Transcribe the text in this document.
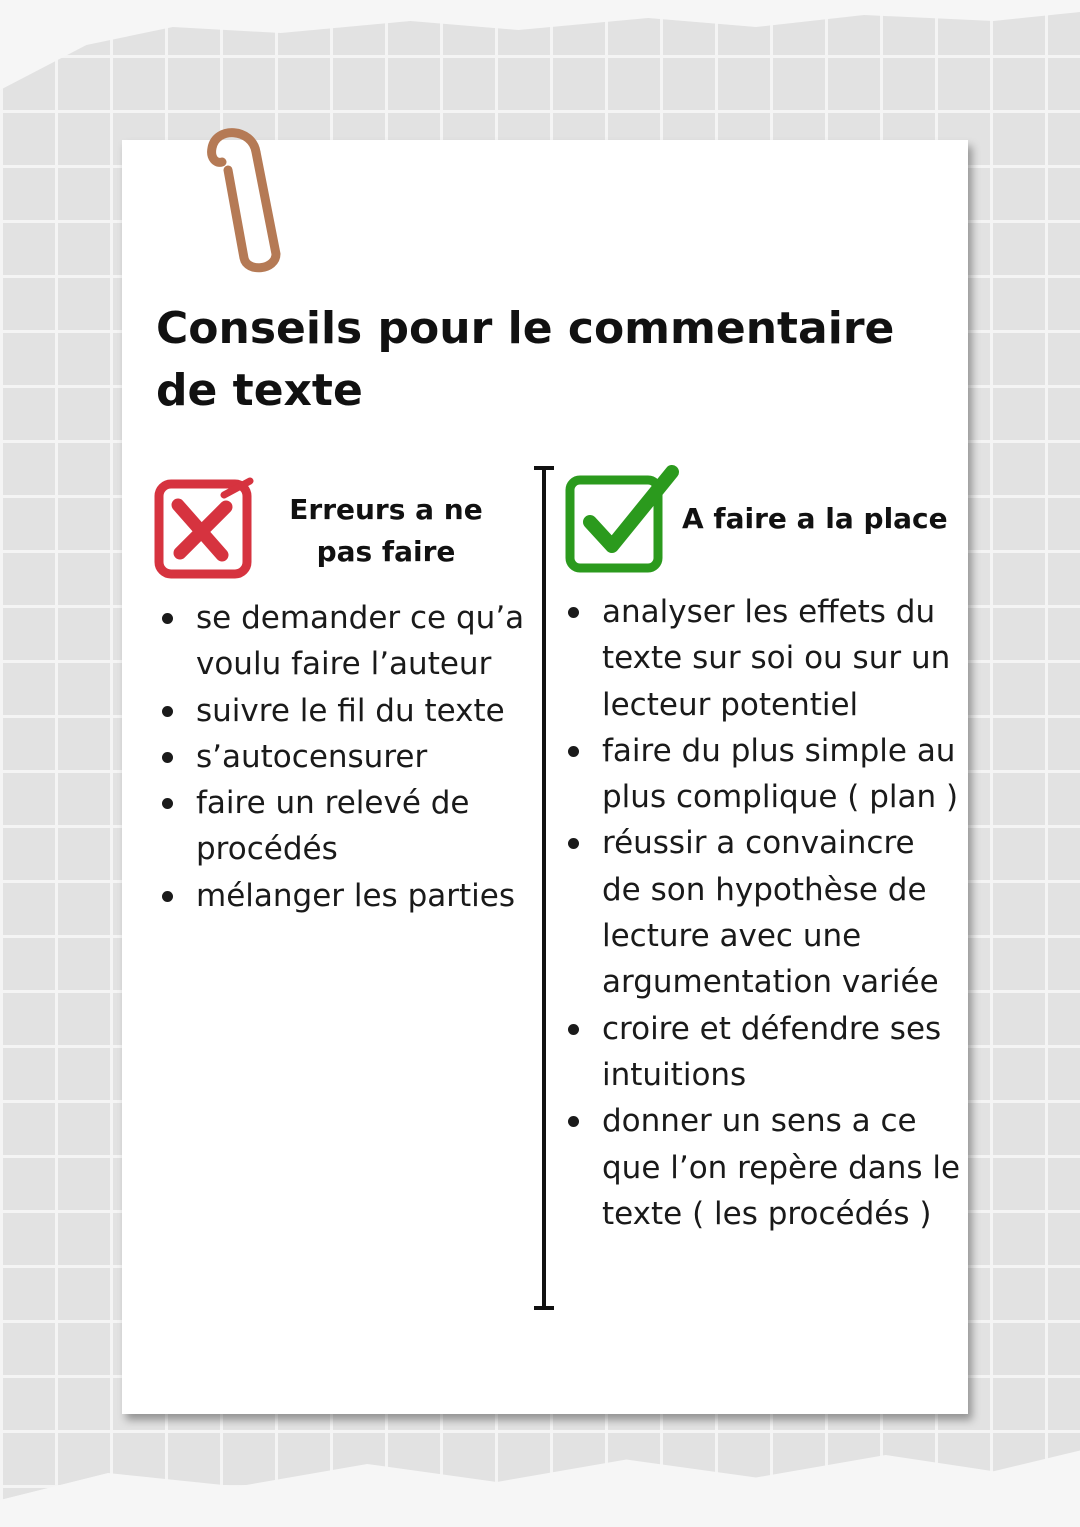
Conseils pour le commentaire de texte
Erreurs a ne pas faire
A faire a la place
se demander ce qu’a voulu faire l’auteur
suivre le fil du texte
s’autocensurer
faire un relevé de procédés
mélanger les parties
analyser les effets du texte sur soi ou sur un lecteur potentiel
faire du plus simple au plus complique ( plan )
réussir a convaincre de son hypothèse de lecture avec une argumentation variée
croire et défendre ses intuitions
donner un sens a ce que l’on repère dans le texte ( les procédés )
